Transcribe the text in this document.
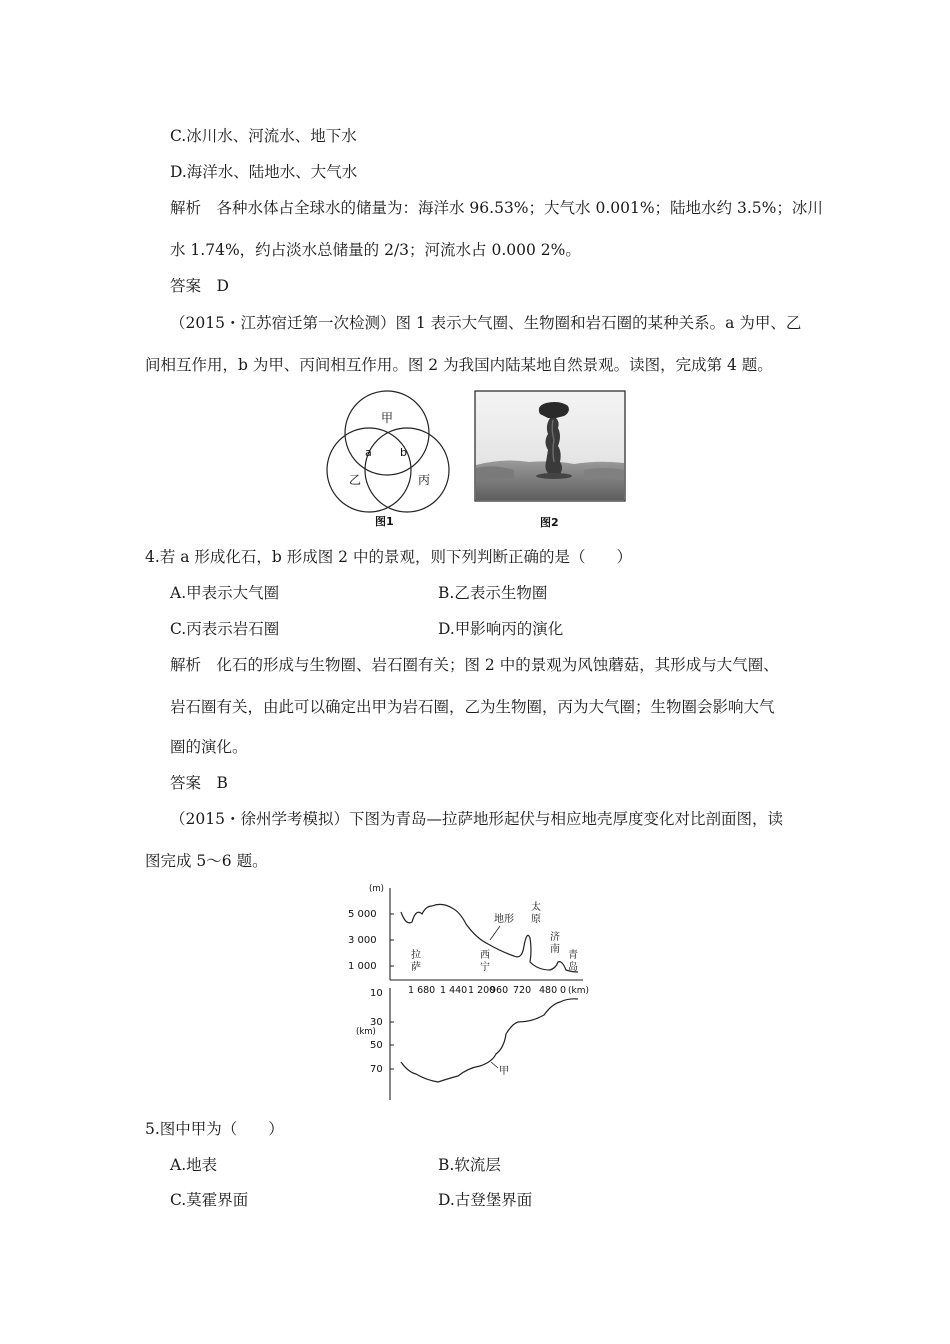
C.冰川水、河流水、地下水
D.海洋水、陆地水、大气水
解析　各种水体占全球水的储量为：海洋水 96.53%；大气水 0.001%；陆地水约 3.5%；冰川
水 1.74%，约占淡水总储量的 2/3；河流水占 0.000 2%。
答案　D
（2015・江苏宿迁第一次检测）图 1 表示大气圈、生物圈和岩石圈的某种关系。a 为甲、乙
间相互作用，b 为甲、丙间相互作用。图 2 为我国内陆某地自然景观。读图，完成第 4 题。
甲
乙	丙
a	b
图1	图2
4.若 a 形成化石，b 形成图 2 中的景观，则下列判断正确的是（　　）
A.甲表示大气圈	B.乙表示生物圈
C.丙表示岩石圈	D.甲影响丙的演化
解析　化石的形成与生物圈、岩石圈有关；图 2 中的景观为风蚀蘑菇，其形成与大气圈、
岩石圈有关，由此可以确定出甲为岩石圈，乙为生物圈，丙为大气圈；生物圈会影响大气
圈的演化。
答案　B
（2015・徐州学考模拟）下图为青岛—拉萨地形起伏与相应地壳厚度变化对比剖面图，读
图完成 5～6 题。
(m)
5 000
3 000
1 000
10
30
(km)
50
70
1 680 1 440 1 200
960 720 480 0 (km)
地形
甲
拉
萨
西
宁
太
原
济
南
青
岛
5.图中甲为（　　）
A.地表	B.软流层
C.莫霍界面	D.古登堡界面
